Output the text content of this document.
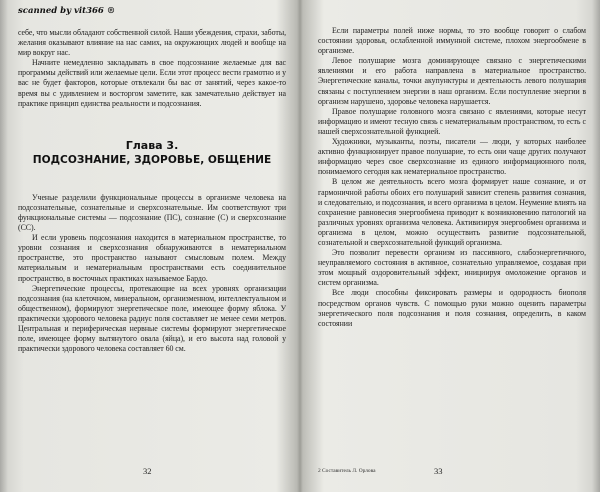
scanned by vit366 ®

себе, что мысли обладают собственной силой. Наши убеждения, страхи, заботы, желания оказывают влияние на нас самих, на окружающих людей и вообще на мир вокруг нас.

Начните немедленно закладывать в свое подсознание желаемые для вас программы действий или желаемые цели. Если этот процесс вести грамотно и у вас не будет факторов, которые отвлекали бы вас от занятий, через какое-то время вы с удивлением и восторгом заметите, как замечательно действует на практике принцип единства реальности и подсознания.

Глава 3.
ПОДСОЗНАНИЕ, ЗДОРОВЬЕ, ОБЩЕНИЕ

Ученые разделили функциональные процессы в организме человека на подсознательные, сознательные и сверхсознательные. Им соответствуют три функциональные системы — подсознание (ПС), сознание (С) и сверхсознание (СС).

И если уровень подсознания находится в материальном пространстве, то уровни сознания и сверхсознания обнаруживаются в нематериальном пространстве, это пространство называют смысловым полем. Между материальным и нематериальным пространствами есть соединительное пространство, в восточных практиках называемое Бардо.

Энергетические процессы, протекающие на всех уровнях организации подсознания (на клеточном, минеральном, организменном, интеллектуальном и общественном), формируют энергетическое поле, имеющее форму яблока. У практически здорового человека радиус поля составляет не менее семи метров. Центральная и периферическая нервные системы формируют энергетическое поле, имеющее форму вытянутого овала (яйца), и его высота над головой у практически здорового человека составляет 60 см.

32

Если параметры полей ниже нормы, то это вообще говорит о слабом состоянии здоровья, ослабленной иммунной системе, плохом энергообмене в организме.

Левое полушарие мозга доминирующее связано с энергетическими явлениями и его работа направлена в материальное пространство. Энергетические каналы, точки акупунктуры и деятельность левого полушария связаны с поступлением энергии в наш организм. Если поступление энергии в организм нарушено, здоровье человека нарушается.

Правое полушарие головного мозга связано с явлениями, которые несут информацию и имеют тесную связь с нематериальным пространством, то есть с нашей сверхсознательной функцией.

Художники, музыканты, поэты, писатели — люди, у которых наиболее активно функционирует правое полушарие, то есть они чаще других получают информацию через свое сверхсознание из единого информационного поля, понимаемого сегодня как нематериальное пространство.

В целом же деятельность всего мозга формирует наше сознание, и от гармоничной работы обоих его полушарий зависит степень развития сознания, и следовательно, и подсознания, и всего организма в целом. Неумение влиять на сохранение равновесия энергообмена приводит к возникновению патологий на различных уровнях организма человека. Активизируя энергообмен организма и организма в целом, можно осуществить развитие подсознательной, сознательной и сверхсознательной функций организма.

Это позволит перевести организм из пассивного, слабоэнергетичного, неуправляемого состояния в активное, сознательно управляемое, создавая при этом мощный оздоровительный эффект, инициируя омоложение органов и систем организма.

Все люди способны фиксировать размеры и одородность биополя посредством органов чувств. С помощью руки можно оценить параметры энергетического поля подсознания и поля сознания, определить, в каком состоянии

2 Составитель Л. Орлова	33
